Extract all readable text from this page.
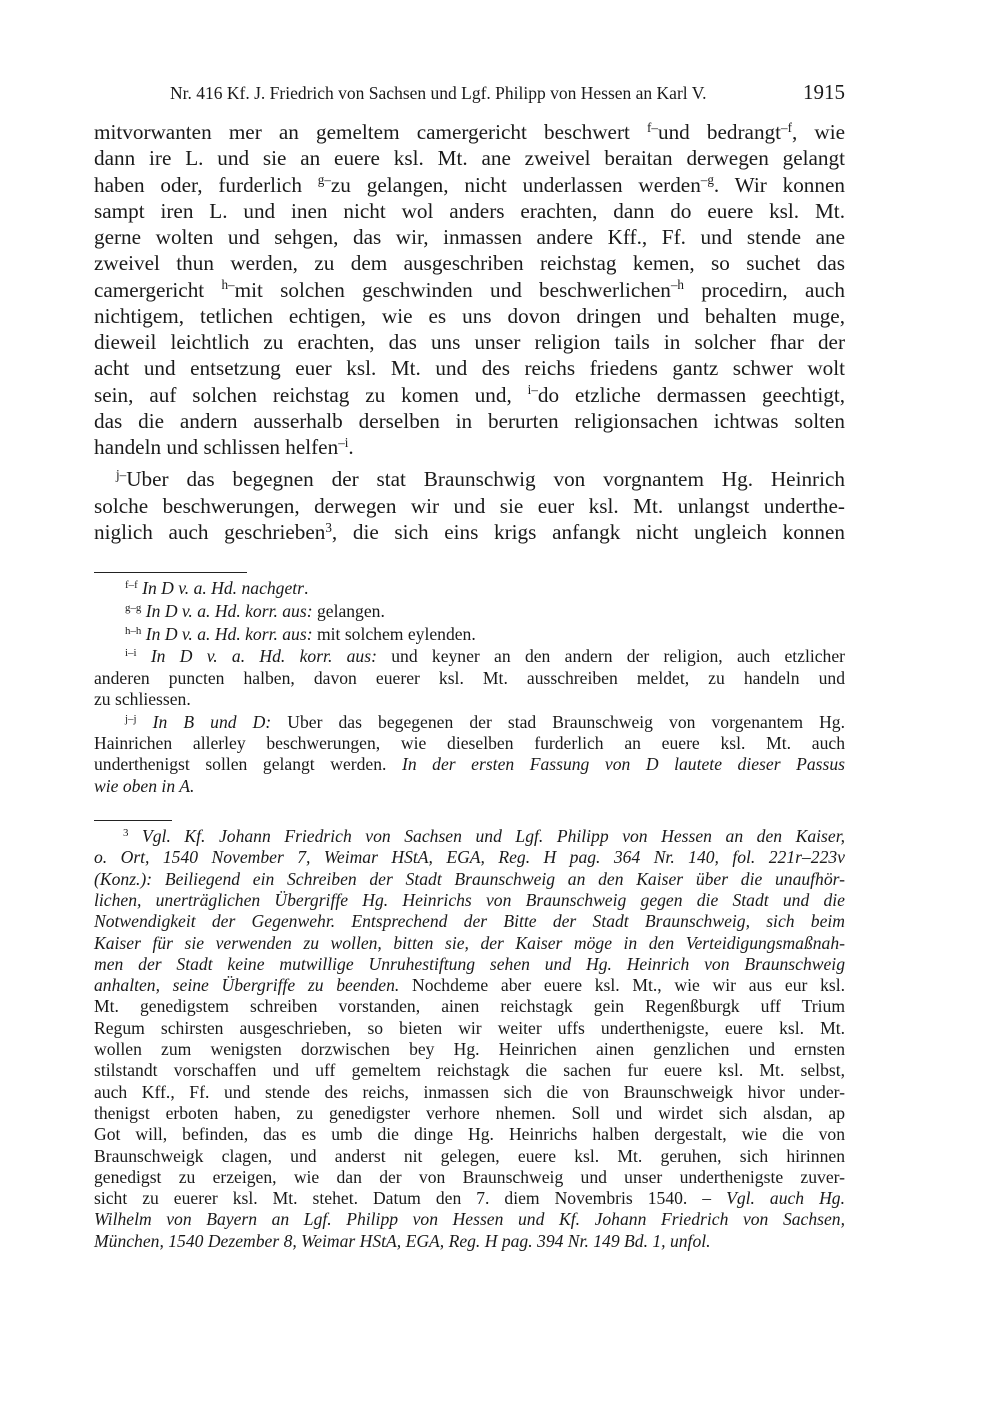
Nr. 416 Kf. J. Friedrich von Sachsen und Lgf. Philipp von Hessen an Karl V.	1915
mitvorwanten mer an gemeltem camergericht beschwert $^{f-}$und bedrangt$^{-f}$, wie
dann ire L. und sie an euere ksl. Mt. ane zweivel beraitan derwegen gelangt
haben oder, furderlich $^{g-}$zu gelangen, nicht underlassen werden$^{-g}$. Wir konnen
sampt iren L. und inen nicht wol anders erachten, dann do euere ksl. Mt.
gerne wolten und sehgen, das wir, inmassen andere Kff., Ff. und stende ane
zweivel thun werden, zu dem ausgeschriben reichstag kemen, so suchet das
camergericht $^{h-}$mit solchen geschwinden und beschwerlichen$^{-h}$ procedirn, auch
nichtigem, tetlichen echtigen, wie es uns dovon dringen und behalten muge,
dieweil leichtlich zu erachten, das uns unser religion tails in solcher fhar der
acht und entsetzung euer ksl. Mt. und des reichs friedens gantz schwer wolt
sein, auf solchen reichstag zu komen und, $^{i-}$do etzliche dermassen geechtigt,
das die andern ausserhalb derselben in berurten religionsachen ichtwas solten
handeln und schlissen helfen$^{-i}$.
$^{j-}$Uber das begegnen der stat Braunschwig von vorgnantem Hg. Heinrich
solche beschwerungen, derwegen wir und sie euer ksl. Mt. unlangst underthe-
niglich auch geschrieben$^3$, die sich eins krigs anfangk nicht ungleich konnen
$^{f-f}$ In D v. a. Hd. nachgetr.
$^{g-g}$ In D v. a. Hd. korr. aus: gelangen.
$^{h-h}$ In D v. a. Hd. korr. aus: mit solchem eylenden.
$^{i-i}$ In D v. a. Hd. korr. aus: und keyner an den andern der religion, auch etzlicher
anderen puncten halben, davon euerer ksl. Mt. ausschreiben meldet, zu handeln und
zu schliessen.
$^{j-j}$ In B und D: Uber das begegenen der stad Braunschweig von vorgenantem Hg.
Hainrichen allerley beschwerungen, wie dieselben furderlich an euere ksl. Mt. auch
underthenigst sollen gelangt werden. In der ersten Fassung von D lautete dieser Passus
wie oben in A.
$^3$ Vgl. Kf. Johann Friedrich von Sachsen und Lgf. Philipp von Hessen an den Kaiser,
o. Ort, 1540 November 7, Weimar HStA, EGA, Reg. H pag. 364 Nr. 140, fol. 221r–223v
(Konz.): Beiliegend ein Schreiben der Stadt Braunschweig an den Kaiser über die unaufhör-
lichen, unerträglichen Übergriffe Hg. Heinrichs von Braunschweig gegen die Stadt und die
Notwendigkeit der Gegenwehr. Entsprechend der Bitte der Stadt Braunschweig, sich beim
Kaiser für sie verwenden zu wollen, bitten sie, der Kaiser möge in den Verteidigungsmaßnah-
men der Stadt keine mutwillige Unruhestiftung sehen und Hg. Heinrich von Braunschweig
anhalten, seine Übergriffe zu beenden. Nochdeme aber euere ksl. Mt., wie wir aus eur ksl.
Mt. genedigstem schreiben vorstanden, ainen reichstagk gein Regenßburgk uff Trium
Regum schirsten ausgeschrieben, so bieten wir weiter uffs underthenigste, euere ksl. Mt.
wollen zum wenigsten dorzwischen bey Hg. Heinrichen ainen genzlichen und ernsten
stilstandt vorschaffen und uff gemeltem reichstagk die sachen fur euere ksl. Mt. selbst,
auch Kff., Ff. und stende des reichs, inmassen sich die von Braunschweigk hivor under-
thenigst erboten haben, zu genedigster verhore nhemen. Soll und wirdet sich alsdan, ap
Got will, befinden, das es umb die dinge Hg. Heinrichs halben dergestalt, wie die von
Braunschweigk clagen, und anderst nit gelegen, euere ksl. Mt. geruhen, sich hirinnen
genedigst zu erzeigen, wie dan der von Braunschweig und unser underthenigste zuver-
sicht zu euerer ksl. Mt. stehet. Datum den 7. diem Novembris 1540. – Vgl. auch Hg.
Wilhelm von Bayern an Lgf. Philipp von Hessen und Kf. Johann Friedrich von Sachsen,
München, 1540 Dezember 8, Weimar HStA, EGA, Reg. H pag. 394 Nr. 149 Bd. 1, unfol.
